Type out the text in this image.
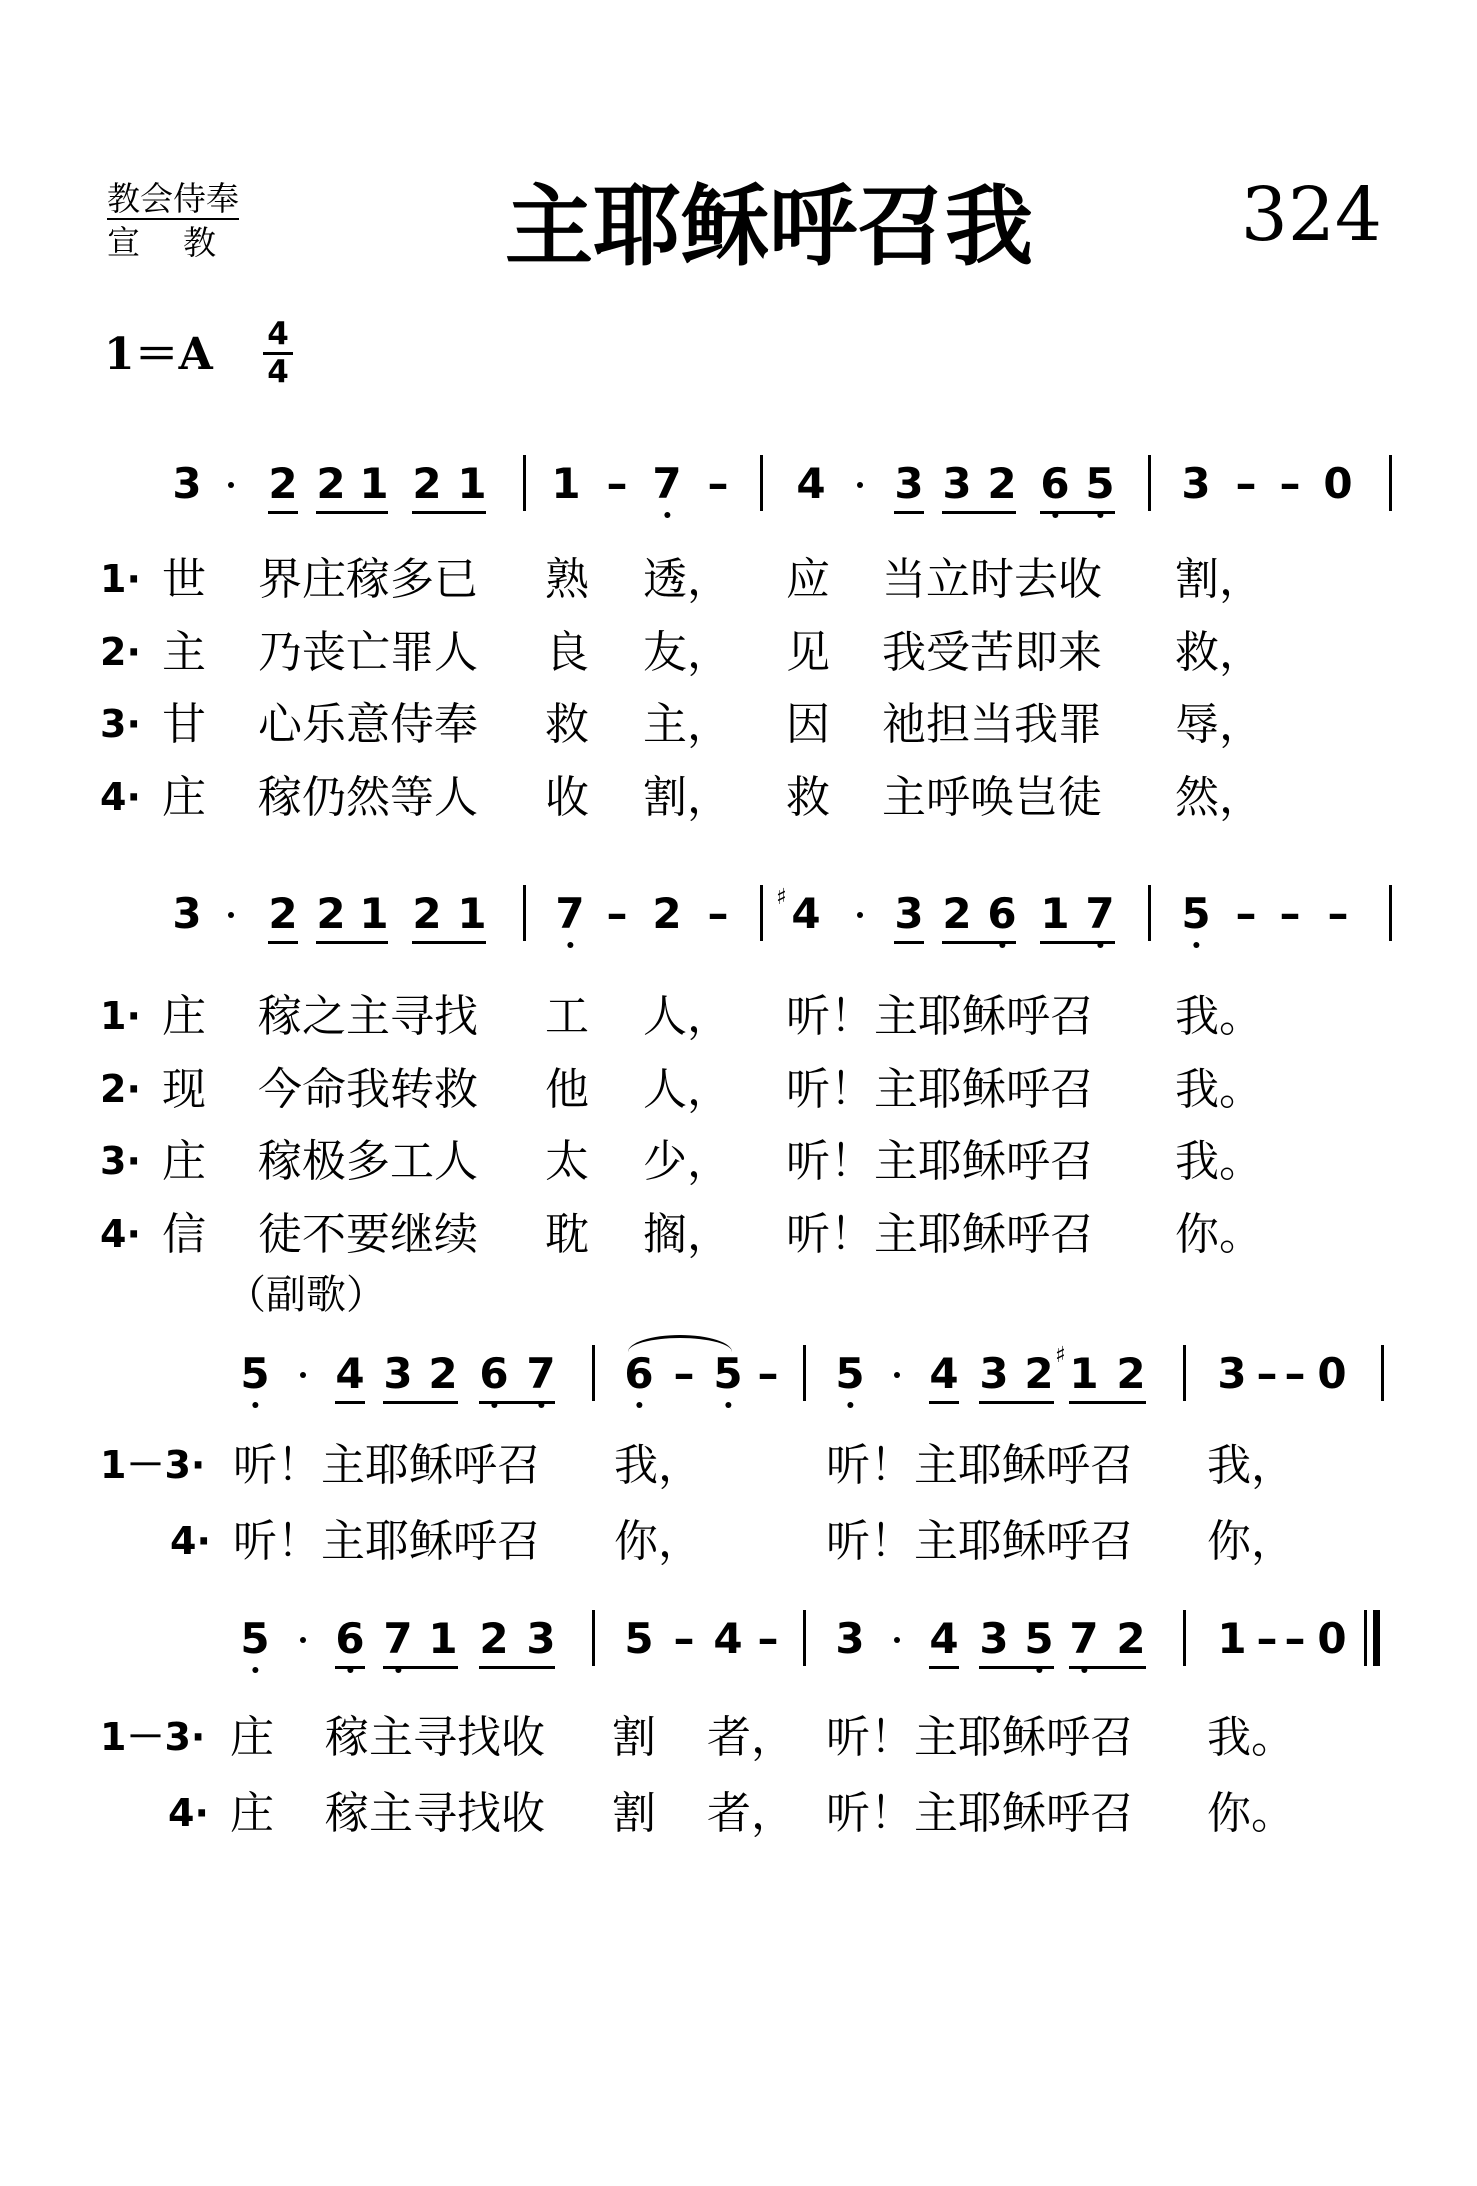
教会侍奉
宣教	主耶稣呼召我	324
1＝A 4
4
3 2 2 1 2 1 1 – 7 – 4 3 3 2 6 5 3 – – 0
1· 世 界庄稼多已 熟 透， 应 当立时去收 割，
2· 主 乃丧亡罪人 良 友， 见 我受苦即来 救，
3· 甘 心乐意侍奉 救 主， 因 祂担当我罪 辱，
4· 庄 稼仍然等人 收 割， 救 主呼唤岂徒 然，
3 2 2 1 2 1 7 – 2 – ♯ 4 3 2 6 1 7 5 – – –
1· 庄 稼之主寻找 工 人， 听！主耶稣呼召 我。
2· 现 今命我转救 他 人， 听！主耶稣呼召 我。
3· 庄 稼极多工人 太 少， 听！主耶稣呼召 我。
4· 信 徒不要继续 耽 搁， 听！主耶稣呼召 你。
（副歌）
5 4 3 2 6 7 6 – 5 – 5 4 3 2 ♯ 1 2 3 – – 0
1－3· 听！主耶稣呼召 我，	听！主耶稣呼召 我，
4· 听！主耶稣呼召 你，	听！主耶稣呼召 你，
5 6 7 1 2 3 5 – 4 – 3 4 3 5 7 2 1 – – 0
1－3· 庄 稼主寻找收 割 者， 听！主耶稣呼召 我。
4· 庄 稼主寻找收 割 者， 听！主耶稣呼召 你。
